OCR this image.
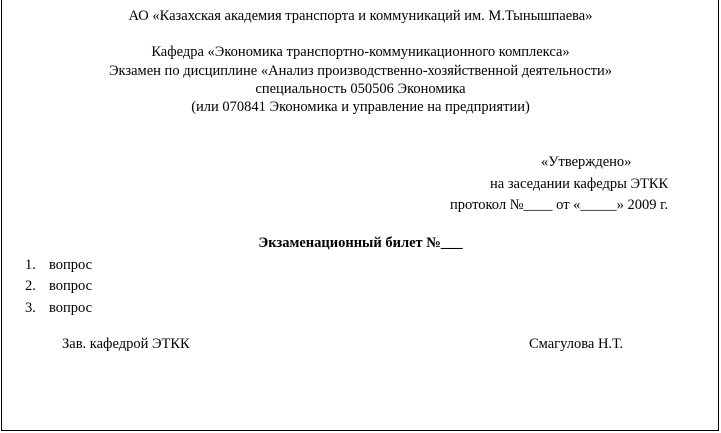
АО «Казахская академия транспорта и коммуникаций им. М.Тынышпаева»
Кафедра «Экономика транспортно-коммуникационного комплекса»
Экзамен по дисциплине «Анализ производственно-хозяйственной деятельности»
специальность 050506 Экономика
(или 070841 Экономика и управление на предприятии)
«Утверждено»
на заседании кафедры ЭТКК
протокол №____ от «_____» 2009 г.
Экзаменационный билет №___
1. вопрос
2. вопрос
3. вопрос
Зав. кафедрой ЭТКК	Смагулова Н.Т.
